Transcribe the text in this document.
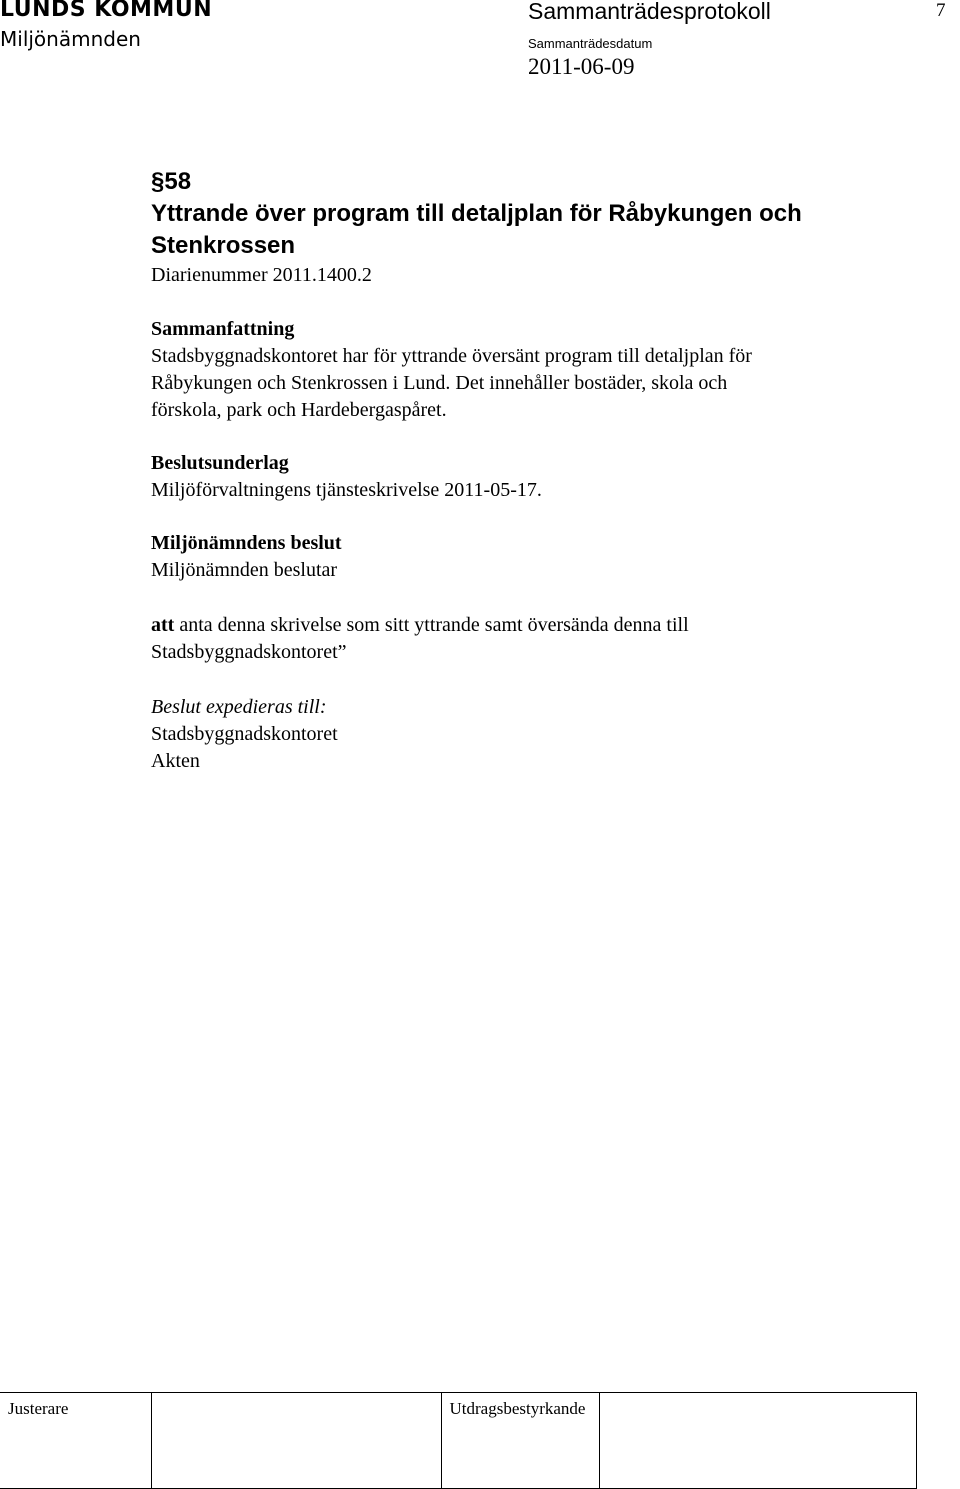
LUNDS KOMMUN
Miljönämnden
Sammanträdesprotokoll	7
Sammanträdesdatum
2011-06-09

§58

Yttrande över program till detaljplan för Råbykungen och Stenkrossen

Diarienummer 2011.1400.2

Sammanfattning

Stadsbyggnadskontoret har för yttrande översänt program till detaljplan för

Råbykungen och Stenkrossen i Lund. Det innehåller bostäder, skola och

förskola, park och Hardebergaspåret.

Beslutsunderlag

Miljöförvaltningens tjänsteskrivelse 2011-05-17.

Miljönämndens beslut

Miljönämnden beslutar

att anta denna skrivelse som sitt yttrande samt översända denna till

Stadsbyggnadskontoret”

Beslut expedieras till:

Stadsbyggnadskontoret

Akten

Justerare		Utdragsbestyrkande	
